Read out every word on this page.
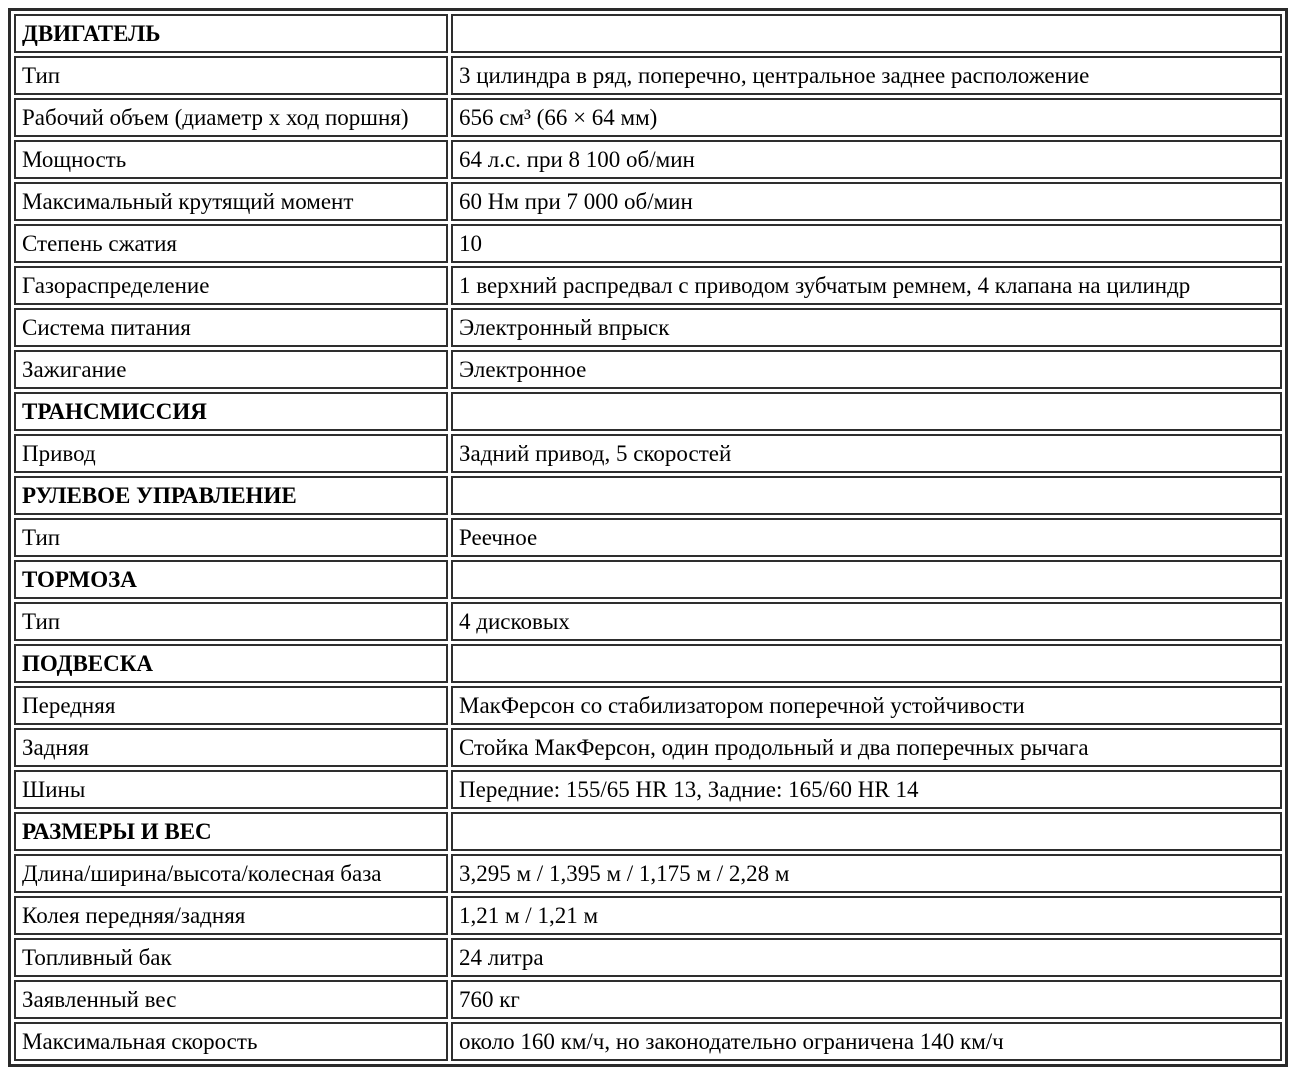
ДВИГАТЕЛЬ	
Тип	3 цилиндра в ряд, поперечно, центральное заднее расположение
Рабочий объем (диаметр x ход поршня)	656 см³ (66 × 64 мм)
Мощность	64 л.с. при 8 100 об/мин
Максимальный крутящий момент	60 Нм при 7 000 об/мин
Степень сжатия	10
Газораспределение	1 верхний распредвал с приводом зубчатым ремнем, 4 клапана на цилиндр
Система питания	Электронный впрыск
Зажигание	Электронное
ТРАНСМИССИЯ	
Привод	Задний привод, 5 скоростей
РУЛЕВОЕ УПРАВЛЕНИЕ	
Тип	Реечное
ТОРМОЗА	
Тип	4 дисковых
ПОДВЕСКА	
Передняя	МакФерсон со стабилизатором поперечной устойчивости
Задняя	Стойка МакФерсон, один продольный и два поперечных рычага
Шины	Передние: 155/65 HR 13, Задние: 165/60 HR 14
РАЗМЕРЫ И ВЕС	
Длина/ширина/высота/колесная база	3,295 м / 1,395 м / 1,175 м / 2,28 м
Колея передняя/задняя	1,21 м / 1,21 м
Топливный бак	24 литра
Заявленный вес	760 кг
Максимальная скорость	около 160 км/ч, но законодательно ограничена 140 км/ч
